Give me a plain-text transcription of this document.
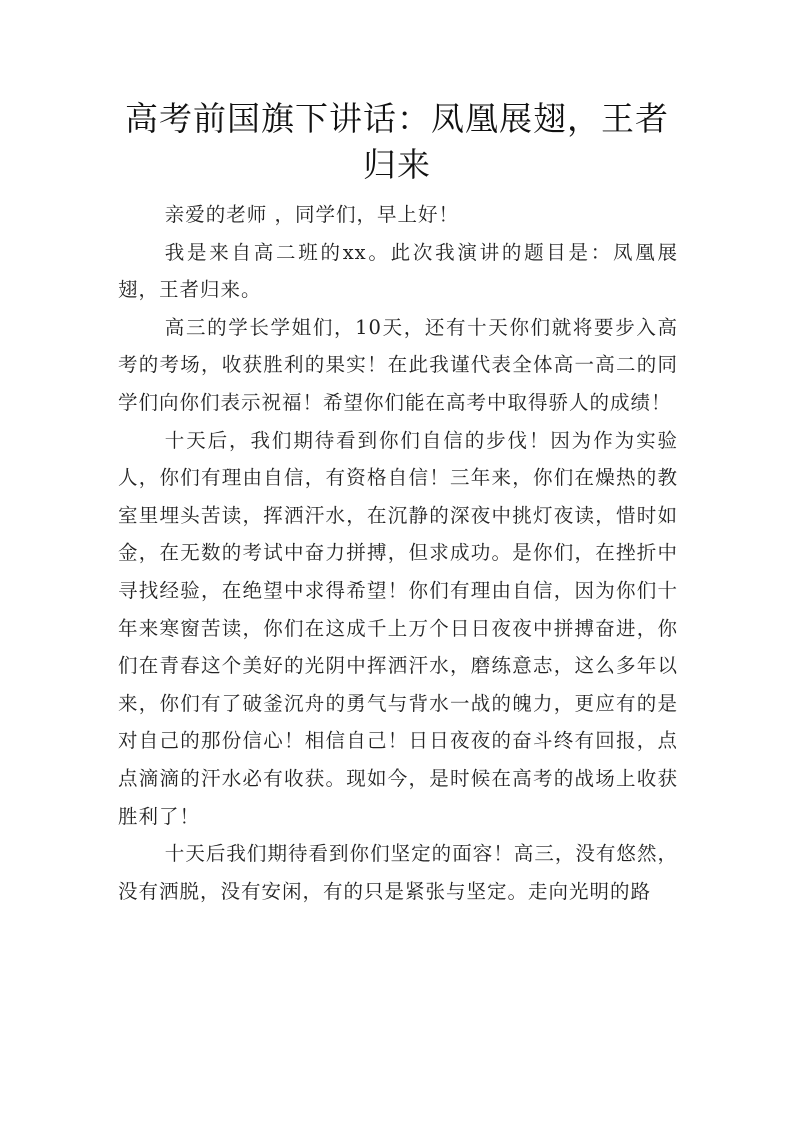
高考前国旗下讲话：凤凰展翅，王者归来

亲爱的老师 ，同学们，早上好！

我是来自高二班的xx。此次我演讲的题目是：凤凰展翅，王者归来。

高三的学长学姐们，10天，还有十天你们就将要步入高考的考场，收获胜利的果实！在此我谨代表全体高一高二的同学们向你们表示祝福！希望你们能在高考中取得骄人的成绩！

十天后，我们期待看到你们自信的步伐！因为作为实验人，你们有理由自信，有资格自信！三年来，你们在燥热的教室里埋头苦读，挥洒汗水，在沉静的深夜中挑灯夜读，惜时如金，在无数的考试中奋力拼搏，但求成功。是你们，在挫折中寻找经验，在绝望中求得希望！你们有理由自信，因为你们十年来寒窗苦读，你们在这成千上万个日日夜夜中拼搏奋进，你们在青春这个美好的光阴中挥洒汗水，磨练意志，这么多年以来，你们有了破釜沉舟的勇气与背水一战的魄力，更应有的是对自己的那份信心！相信自己！日日夜夜的奋斗终有回报，点点滴滴的汗水必有收获。现如今，是时候在高考的战场上收获胜利了！

十天后我们期待看到你们坚定的面容！高三，没有悠然，没有洒脱，没有安闲，有的只是紧张与坚定。走向光明的路
